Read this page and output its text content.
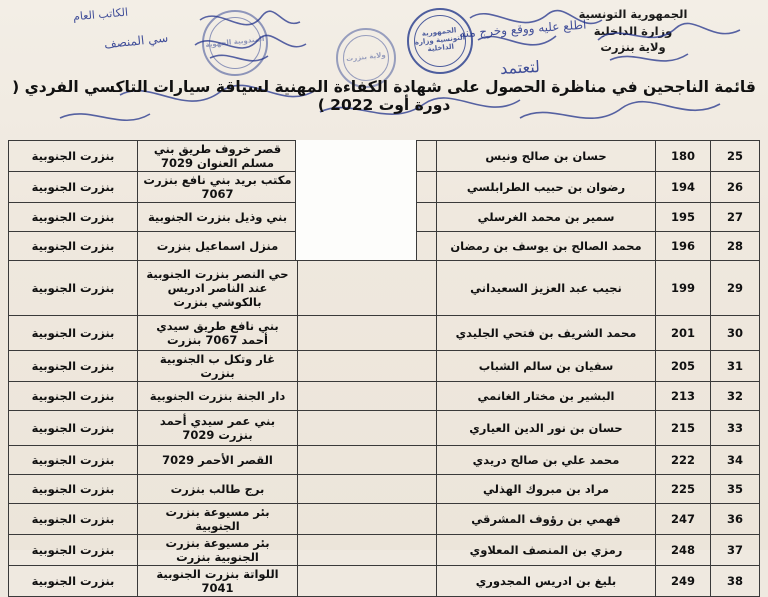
الجمهورية التونسية
وزارة الداخلية
ولاية بنزرت
الجمهورية التونسية وزارة الداخلية
ولاية بنزرت
المندوبية الجهوية
اطلع عليه ووقع وخرج منه
لتعتمد
سي المنصف
الكاتب العام
قائمة الناجحين في مناظرة الحصول على شهادة الكفاءة المهنية لسياقة سيارات التاكسي الفردي ( دورة أوت 2022 )
25	180	حسان بن صالح ونيس		قصر خروف طريق بني مسلم العنوان 7029	بنزرت الجنوبية
26	194	رضوان بن حبيب الطرابلسي		مكتب بريد بني نافع بنزرت 7067	بنزرت الجنوبية
27	195	سمير بن محمد الغرسلي		بني وذيل بنزرت الجنوبية	بنزرت الجنوبية
28	196	محمد الصالح بن يوسف بن رمضان		منزل اسماعيل بنزرت	بنزرت الجنوبية
29	199	نجيب عبد العزيز السعيداني		حي النصر بنزرت الجنوبية عند الناصر ادريس بالكوشي بنزرت	بنزرت الجنوبية
30	201	محمد الشريف بن فتحي الجليدي		بني نافع طريق سيدي أحمد 7067 بنزرت	بنزرت الجنوبية
31	205	سفيان بن سالم الشباب		غار وتكل ب الجنوبية بنزرت	بنزرت الجنوبية
32	213	البشير بن مختار الغانمي		دار الجنة بنزرت الجنوبية	بنزرت الجنوبية
33	215	حسان بن نور الدين العياري		بني عمر سيدي أحمد بنزرت 7029	بنزرت الجنوبية
34	222	محمد علي بن صالح دريدي		القصر الأحمر 7029	بنزرت الجنوبية
35	225	مراد بن مبروك الهذلي		برج طالب بنزرت	بنزرت الجنوبية
36	247	فهمي بن رؤوف المشرقي		بئر مسيوعة بنزرت الجنوبية	بنزرت الجنوبية
37	248	رمزي بن المنصف المعلاوي		بئر مسيوعة بنزرت الجنوبية بنزرت	بنزرت الجنوبية
38	249	بليغ بن ادريس المجدوري		اللواتة بنزرت الجنوبية 7041	بنزرت الجنوبية
